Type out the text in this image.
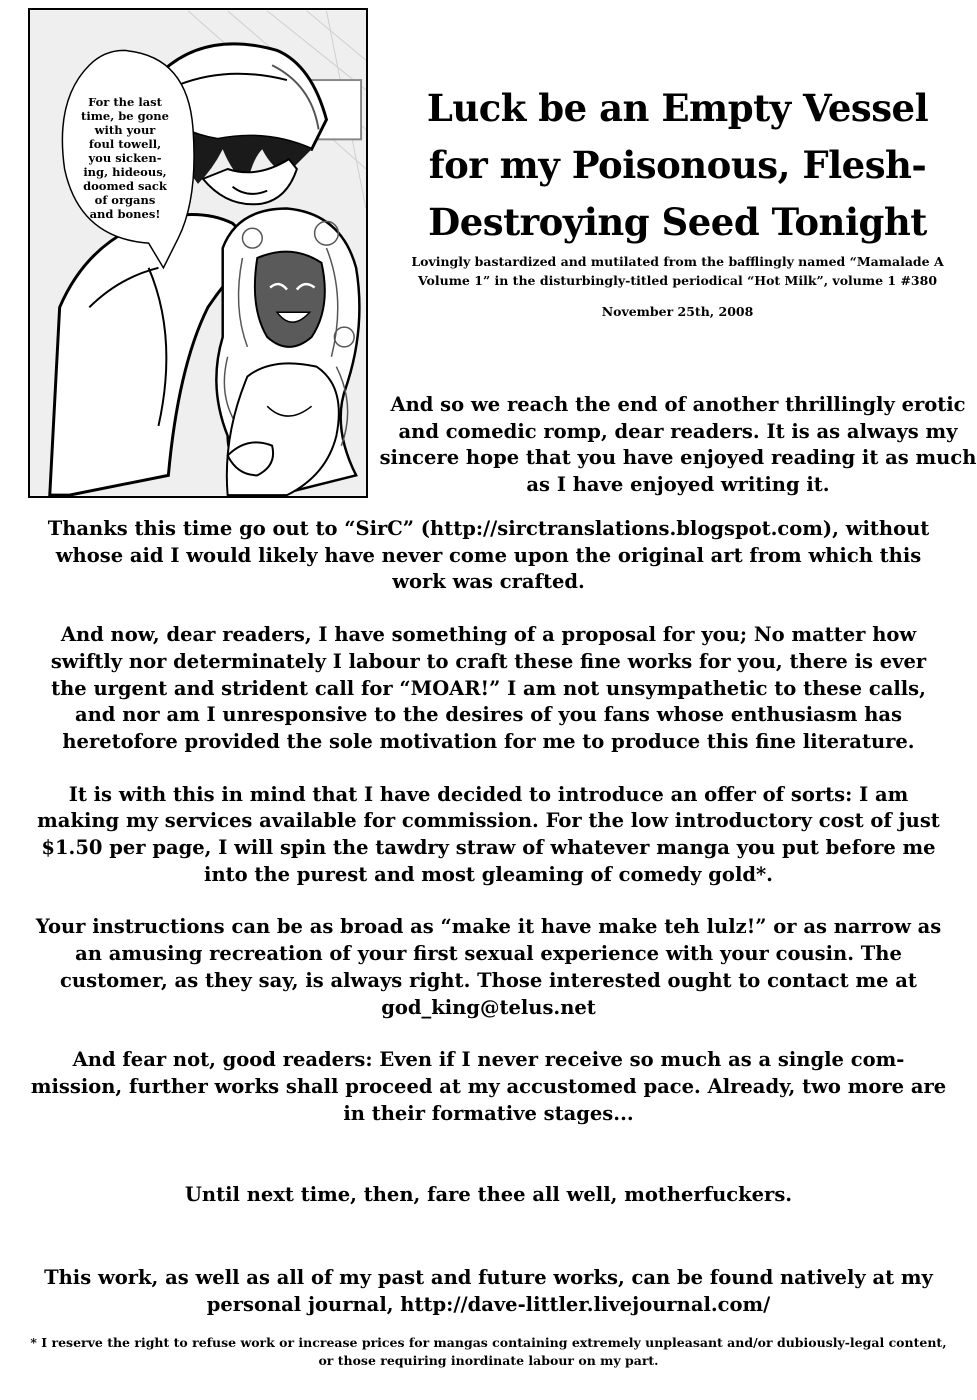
For the last
time, be gone
with your
foul towell,
you sicken-
ing, hideous,
doomed sack
of organs
and bones!
Luck be an Empty Vessel
for my Poisonous, Flesh-
Destroying Seed Tonight
Lovingly bastardized and mutilated from the bafflingly named “Mamalade A Volume 1” in the disturbingly-titled periodical “Hot Milk”, volume 1 #380
November 25th, 2008
And so we reach the end of another thrillingly erotic and comedic romp, dear readers. It is as always my sincere hope that you have enjoyed reading it as much as I have enjoyed writing it.

Thanks this time go out to “SirC” (http://sirctranslations.blogspot.com), without whose aid I would likely have never come upon the original art from which this work was crafted.

And now, dear readers, I have something of a proposal for you; No matter how swiftly nor determinately I labour to craft these fine works for you, there is ever the urgent and strident call for “MOAR!” I am not unsympathetic to these calls, and nor am I unresponsive to the desires of you fans whose enthusiasm has heretofore provided the sole motivation for me to produce this fine literature.

It is with this in mind that I have decided to introduce an offer of sorts: I am making my services available for commission. For the low introductory cost of just $1.50 per page, I will spin the tawdry straw of whatever manga you put before me into the purest and most gleaming of comedy gold*.

Your instructions can be as broad as “make it have make teh lulz!” or as narrow as an amusing recreation of your first sexual experience with your cousin. The customer, as they say, is always right. Those interested ought to contact me at god_king@telus.net

And fear not, good readers: Even if I never receive so much as a single com-mission, further works shall proceed at my accustomed pace. Already, two more are in their formative stages...

Until next time, then, fare thee all well, motherfuckers.
This work, as well as all of my past and future works, can be found natively at my personal journal, http://dave-littler.livejournal.com/
* I reserve the right to refuse work or increase prices for mangas containing extremely unpleasant and/or dubiously-legal content, or those requiring inordinate labour on my part.
